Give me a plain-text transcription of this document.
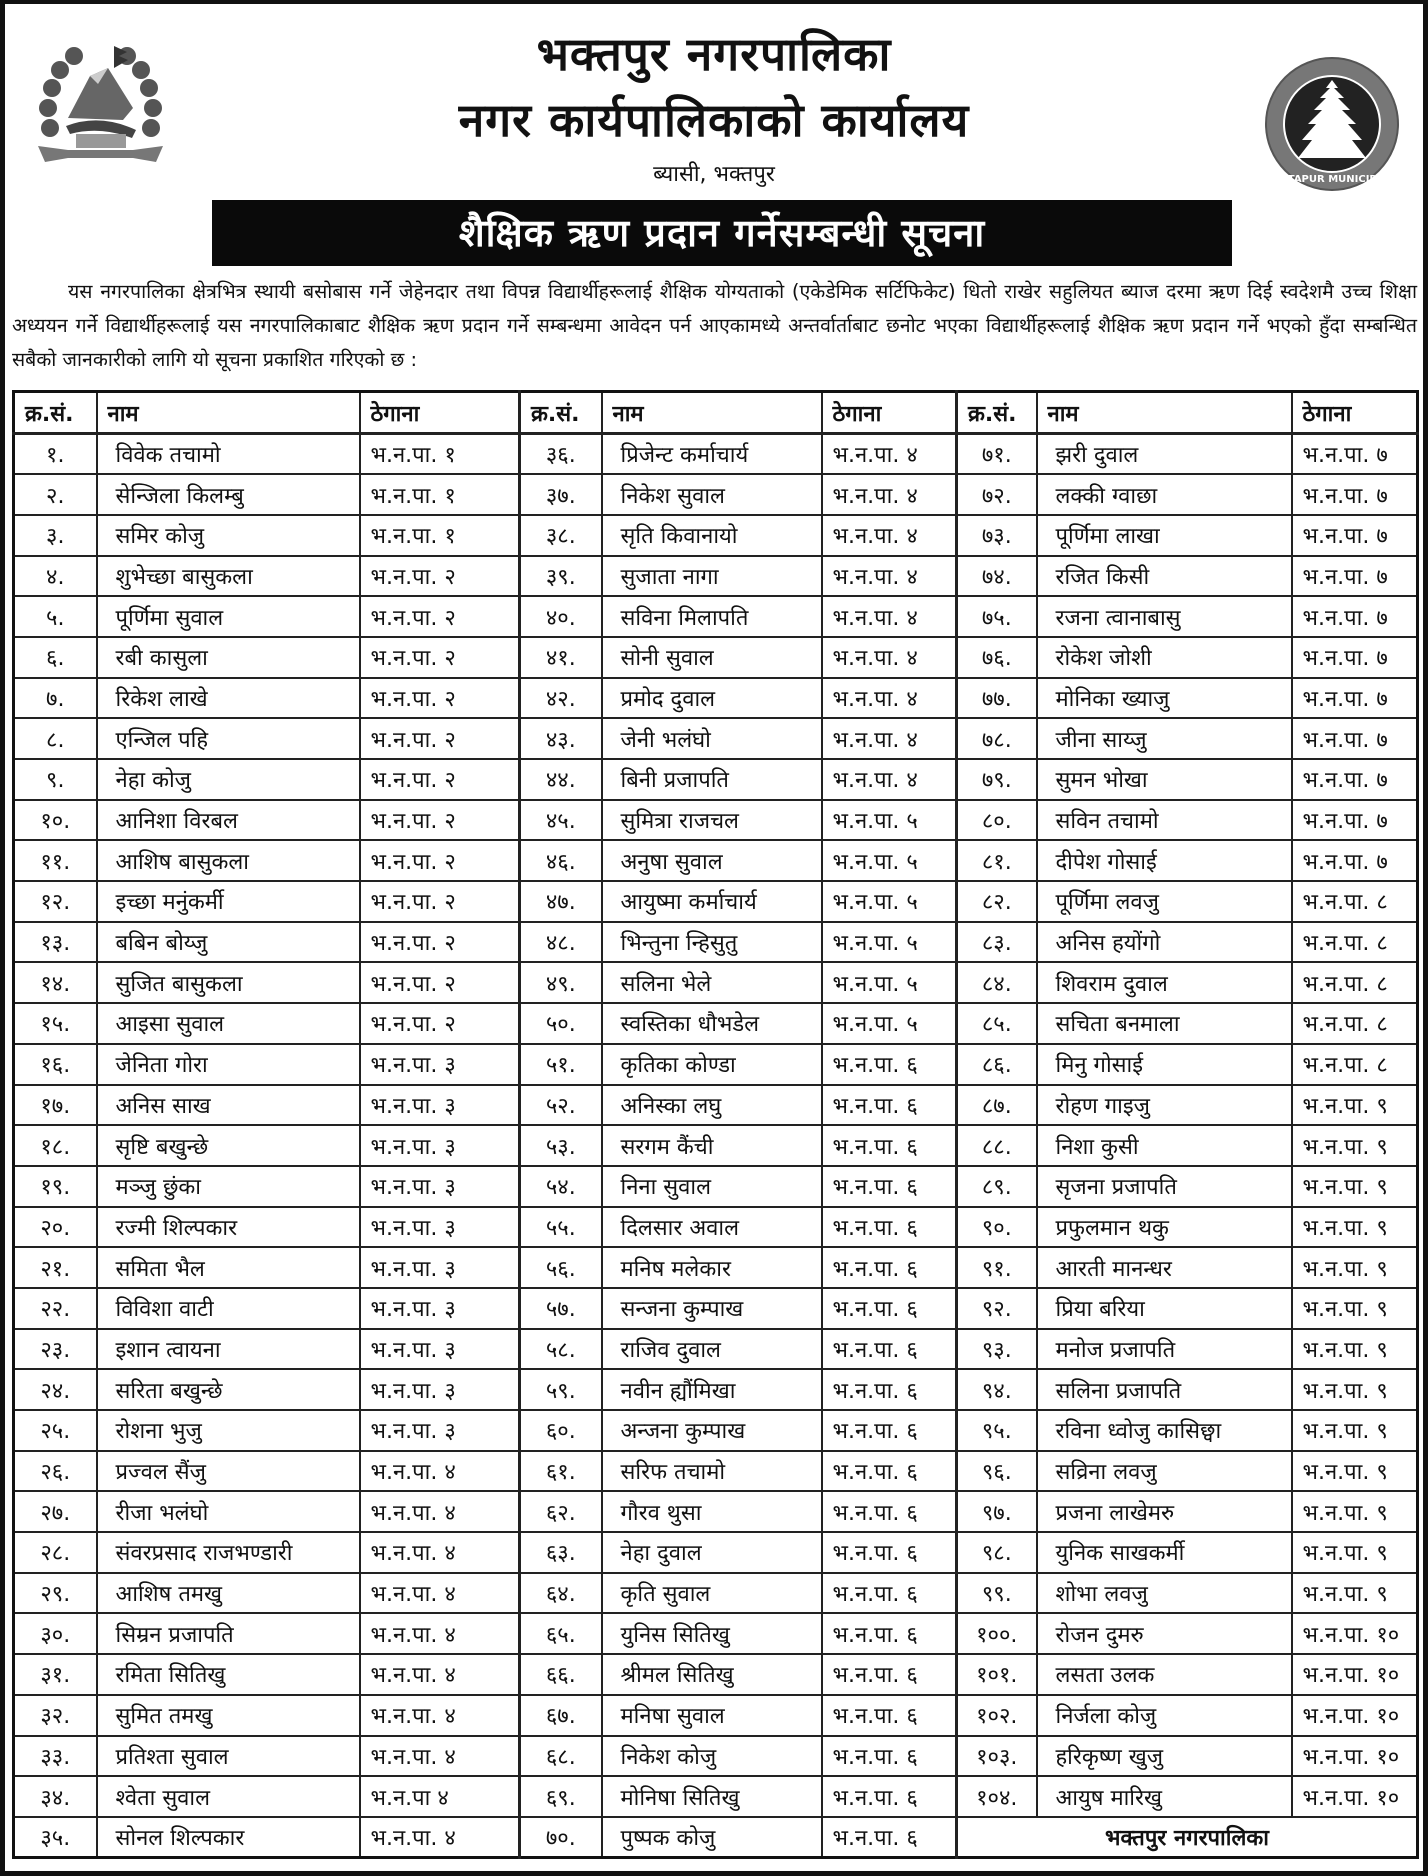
BHAKTAPUR MUNICIPALITY
भक्तपुर नगरपालिका
नगर कार्यपालिकाको कार्यालय
ब्यासी, भक्तपुर
शैक्षिक ऋण प्रदान गर्नेसम्बन्धी सूचना
यस नगरपालिका क्षेत्रभित्र स्थायी बसोबास गर्ने जेहेनदार तथा विपन्न विद्यार्थीहरूलाई शैक्षिक योग्यताको (एकेडेमिक सर्टिफिकेट) धितो राखेर सहुलियत ब्याज दरमा ऋण दिई स्वदेशमै उच्च शिक्षा अध्ययन गर्ने विद्यार्थीहरूलाई यस नगरपालिकाबाट शैक्षिक ऋण प्रदान गर्ने सम्बन्धमा आवेदन पर्न आएकामध्ये अन्तर्वार्ताबाट छनोट भएका विद्यार्थीहरूलाई शैक्षिक ऋण प्रदान गर्ने भएको हुँदा सम्बन्धित सबैको जानकारीको लागि यो सूचना प्रकाशित गरिएको छ :
क्र.सं.	नाम	ठेगाना	क्र.सं.	नाम	ठेगाना	क्र.सं.	नाम	ठेगाना
१.	विवेक तचामो	भ.न.पा. १	३६.	प्रिजेन्ट कर्माचार्य	भ.न.पा. ४	७१.	झरी दुवाल	भ.न.पा. ७
२.	सेन्जिला किलम्बु	भ.न.पा. १	३७.	निकेश सुवाल	भ.न.पा. ४	७२.	लक्की ग्वाछा	भ.न.पा. ७
३.	समिर कोजु	भ.न.पा. १	३८.	सृति किवानायो	भ.न.पा. ४	७३.	पूर्णिमा लाखा	भ.न.पा. ७
४.	शुभेच्छा बासुकला	भ.न.पा. २	३९.	सुजाता नागा	भ.न.पा. ४	७४.	रजित किसी	भ.न.पा. ७
५.	पूर्णिमा सुवाल	भ.न.पा. २	४०.	सविना मिलापति	भ.न.पा. ४	७५.	रजना त्वानाबासु	भ.न.पा. ७
६.	रबी कासुला	भ.न.पा. २	४१.	सोनी सुवाल	भ.न.पा. ४	७६.	रोकेश जोशी	भ.न.पा. ७
७.	रिकेश लाखे	भ.न.पा. २	४२.	प्रमोद दुवाल	भ.न.पा. ४	७७.	मोनिका ख्याजु	भ.न.पा. ७
८.	एन्जिल पहि	भ.न.पा. २	४३.	जेनी भलंघो	भ.न.पा. ४	७८.	जीना साय्जु	भ.न.पा. ७
९.	नेहा कोजु	भ.न.पा. २	४४.	बिनी प्रजापति	भ.न.पा. ४	७९.	सुमन भोखा	भ.न.पा. ७
१०.	आनिशा विरबल	भ.न.पा. २	४५.	सुमित्रा राजचल	भ.न.पा. ५	८०.	सविन तचामो	भ.न.पा. ७
११.	आशिष बासुकला	भ.न.पा. २	४६.	अनुषा सुवाल	भ.न.पा. ५	८१.	दीपेश गोसाई	भ.न.पा. ७
१२.	इच्छा मनुंकर्मी	भ.न.पा. २	४७.	आयुष्मा कर्माचार्य	भ.न.पा. ५	८२.	पूर्णिमा लवजु	भ.न.पा. ८
१३.	बबिन बोय्जु	भ.न.पा. २	४८.	भिन्तुना न्हिसुतु	भ.न.पा. ५	८३.	अनिस हयोंगो	भ.न.पा. ८
१४.	सुजित बासुकला	भ.न.पा. २	४९.	सलिना भेले	भ.न.पा. ५	८४.	शिवराम दुवाल	भ.न.पा. ८
१५.	आइसा सुवाल	भ.न.पा. २	५०.	स्वस्तिका धौभडेल	भ.न.पा. ५	८५.	सचिता बनमाला	भ.न.पा. ८
१६.	जेनिता गोरा	भ.न.पा. ३	५१.	कृतिका कोण्डा	भ.न.पा. ६	८६.	मिनु गोसाई	भ.न.पा. ८
१७.	अनिस साख	भ.न.पा. ३	५२.	अनिस्का लघु	भ.न.पा. ६	८७.	रोहण गाइजु	भ.न.पा. ९
१८.	सृष्टि बखुन्छे	भ.न.पा. ३	५३.	सरगम कैंची	भ.न.पा. ६	८८.	निशा कुसी	भ.न.पा. ९
१९.	मञ्जु छुंका	भ.न.पा. ३	५४.	निना सुवाल	भ.न.पा. ६	८९.	सृजना प्रजापति	भ.न.पा. ९
२०.	रज्मी शिल्पकार	भ.न.पा. ३	५५.	दिलसार अवाल	भ.न.पा. ६	९०.	प्रफुलमान थकु	भ.न.पा. ९
२१.	समिता भैल	भ.न.पा. ३	५६.	मनिष मलेकार	भ.न.पा. ६	९१.	आरती मानन्धर	भ.न.पा. ९
२२.	विविशा वाटी	भ.न.पा. ३	५७.	सन्जना कुम्पाख	भ.न.पा. ६	९२.	प्रिया बरिया	भ.न.पा. ९
२३.	इशान त्वायना	भ.न.पा. ३	५८.	राजिव दुवाल	भ.न.पा. ६	९३.	मनोज प्रजापति	भ.न.पा. ९
२४.	सरिता बखुन्छे	भ.न.पा. ३	५९.	नवीन ह्यौंमिखा	भ.न.पा. ६	९४.	सलिना प्रजापति	भ.न.पा. ९
२५.	रोशना भुजु	भ.न.पा. ३	६०.	अन्जना कुम्पाख	भ.न.पा. ६	९५.	रविना ध्वोजु कासिछ्वा	भ.न.पा. ९
२६.	प्रज्वल सैंजु	भ.न.पा. ४	६१.	सरिफ तचामो	भ.न.पा. ६	९६.	सव्रिना लवजु	भ.न.पा. ९
२७.	रीजा भलंघो	भ.न.पा. ४	६२.	गौरव थुसा	भ.न.पा. ६	९७.	प्रजना लाखेमरु	भ.न.पा. ९
२८.	संवरप्रसाद राजभण्डारी	भ.न.पा. ४	६३.	नेहा दुवाल	भ.न.पा. ६	९८.	युनिक साखकर्मी	भ.न.पा. ९
२९.	आशिष तमखु	भ.न.पा. ४	६४.	कृति सुवाल	भ.न.पा. ६	९९.	शोभा लवजु	भ.न.पा. ९
३०.	सिम्रन प्रजापति	भ.न.पा. ४	६५.	युनिस सितिखु	भ.न.पा. ६	१००.	रोजन दुमरु	भ.न.पा. १०
३१.	रमिता सितिखु	भ.न.पा. ४	६६.	श्रीमल सितिखु	भ.न.पा. ६	१०१.	लसता उलक	भ.न.पा. १०
३२.	सुमित तमखु	भ.न.पा. ४	६७.	मनिषा सुवाल	भ.न.पा. ६	१०२.	निर्जला कोजु	भ.न.पा. १०
३३.	प्रतिश्ता सुवाल	भ.न.पा. ४	६८.	निकेश कोजु	भ.न.पा. ६	१०३.	हरिकृष्ण खुजु	भ.न.पा. १०
३४.	श्वेता सुवाल	भ.न.पा ४	६९.	मोनिषा सितिखु	भ.न.पा. ६	१०४.	आयुष मारिखु	भ.न.पा. १०
३५.	सोनल शिल्पकार	भ.न.पा. ४	७०.	पुष्पक कोजु	भ.न.पा. ६	भक्तपुर नगरपालिका		
